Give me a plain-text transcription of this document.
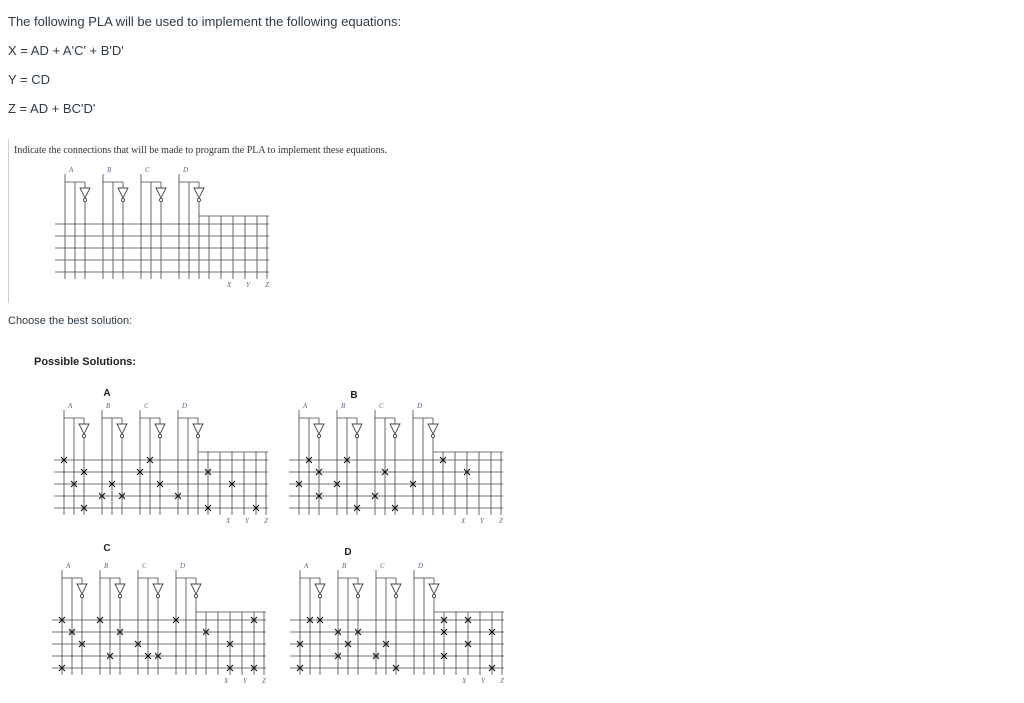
The following PLA will be used to implement the following equations:

X = AD + A'C' + B'D'

Y = CD

Z = AD + BC'D'

Indicate the connections that will be made to program the PLA to implement these equations.
A	B	C	D
X Y Z

Choose the best solution:

Possible Solutions:

A
A	B	C	D
X Y Z
B
A	B	C	D
X Y Z
C
A	B	C	D
X Y Z
D
A	B	C	D
X Y Z
